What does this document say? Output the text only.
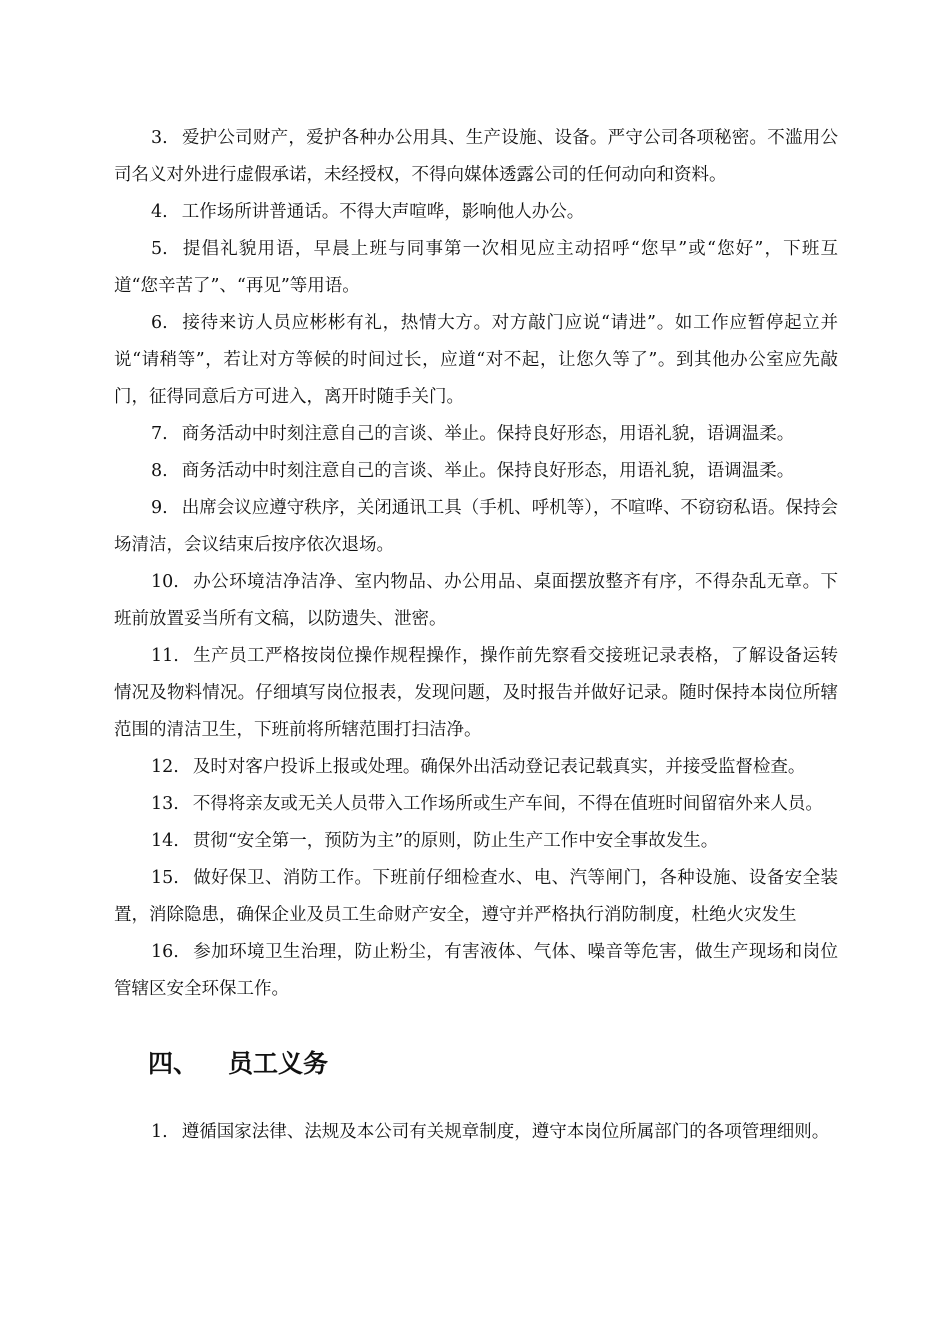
3. 爱护公司财产，爱护各种办公用具、生产设施、设备。严守公司各项秘密。不滥用公司名义对外进行虚假承诺，未经授权，不得向媒体透露公司的任何动向和资料。

4. 工作场所讲普通话。不得大声喧哗，影响他人办公。

5. 提倡礼貌用语，早晨上班与同事第一次相见应主动招呼“您早”或“您好”，下班互道“您辛苦了”、“再见”等用语。

6. 接待来访人员应彬彬有礼，热情大方。对方敲门应说“请进”。如工作应暂停起立并说“请稍等”，若让对方等候的时间过长，应道“对不起，让您久等了”。到其他办公室应先敲门，征得同意后方可进入，离开时随手关门。

7. 商务活动中时刻注意自己的言谈、举止。保持良好形态，用语礼貌，语调温柔。

8. 商务活动中时刻注意自己的言谈、举止。保持良好形态，用语礼貌，语调温柔。

9. 出席会议应遵守秩序，关闭通讯工具（手机、呼机等），不喧哗、不窃窃私语。保持会场清洁，会议结束后按序依次退场。

10. 办公环境洁净洁净、室内物品、办公用品、桌面摆放整齐有序，不得杂乱无章。下班前放置妥当所有文稿，以防遗失、泄密。

11. 生产员工严格按岗位操作规程操作，操作前先察看交接班记录表格，了解设备运转情况及物料情况。仔细填写岗位报表，发现问题，及时报告并做好记录。随时保持本岗位所辖范围的清洁卫生，下班前将所辖范围打扫洁净。

12. 及时对客户投诉上报或处理。确保外出活动登记表记载真实，并接受监督检查。

13. 不得将亲友或无关人员带入工作场所或生产车间，不得在值班时间留宿外来人员。

14. 贯彻“安全第一，预防为主”的原则，防止生产工作中安全事故发生。

15. 做好保卫、消防工作。下班前仔细检查水、电、汽等闸门，各种设施、设备安全装置，消除隐患，确保企业及员工生命财产安全，遵守并严格执行消防制度，杜绝火灾发生

16. 参加环境卫生治理，防止粉尘，有害液体、气体、噪音等危害，做生产现场和岗位管辖区安全环保工作。

四、 员工义务

1. 遵循国家法律、法规及本公司有关规章制度，遵守本岗位所属部门的各项管理细则。
